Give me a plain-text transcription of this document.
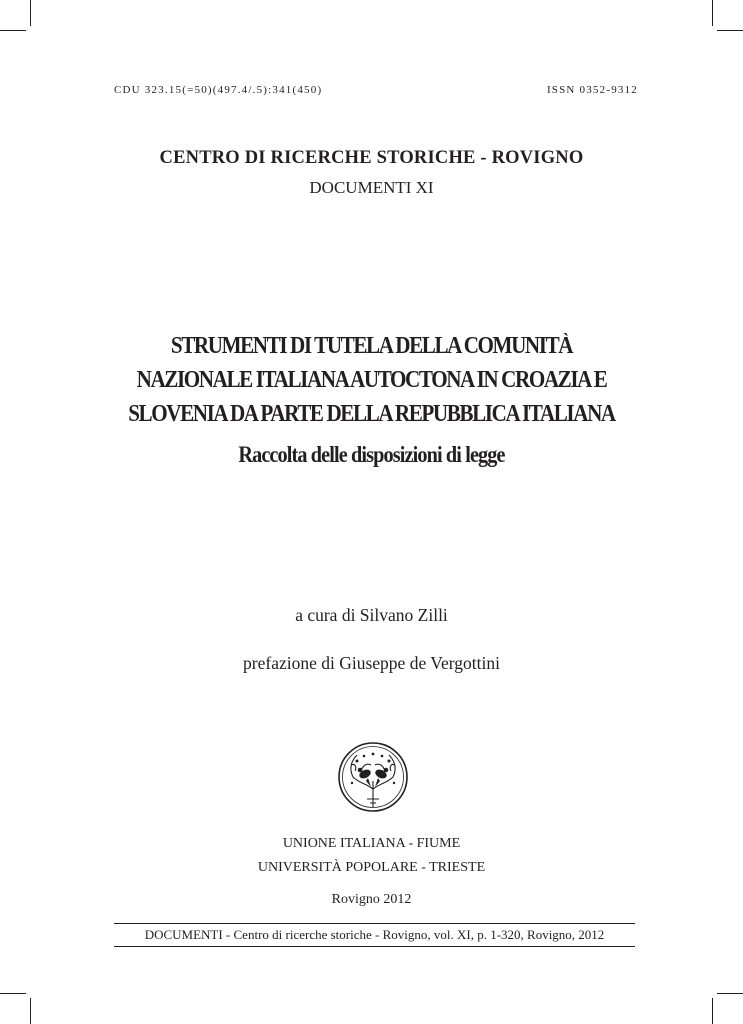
CDU 323.15(=50)(497.4/.5):341(450)	ISSN 0352-9312
CENTRO DI RICERCHE STORICHE - ROVIGNO
DOCUMENTI XI
STRUMENTI DI TUTELA DELLA COMUNITÀ
NAZIONALE ITALIANA AUTOCTONA IN CROAZIA E
SLOVENIA DA PARTE DELLA REPUBBLICA ITALIANA
Raccolta delle disposizioni di legge
a cura di Silvano Zilli
prefazione di Giuseppe de Vergottini
UNIONE ITALIANA - FIUME
UNIVERSITÀ POPOLARE - TRIESTE
Rovigno 2012
DOCUMENTI - Centro di ricerche storiche - Rovigno, vol. XI, p. 1-320, Rovigno, 2012
